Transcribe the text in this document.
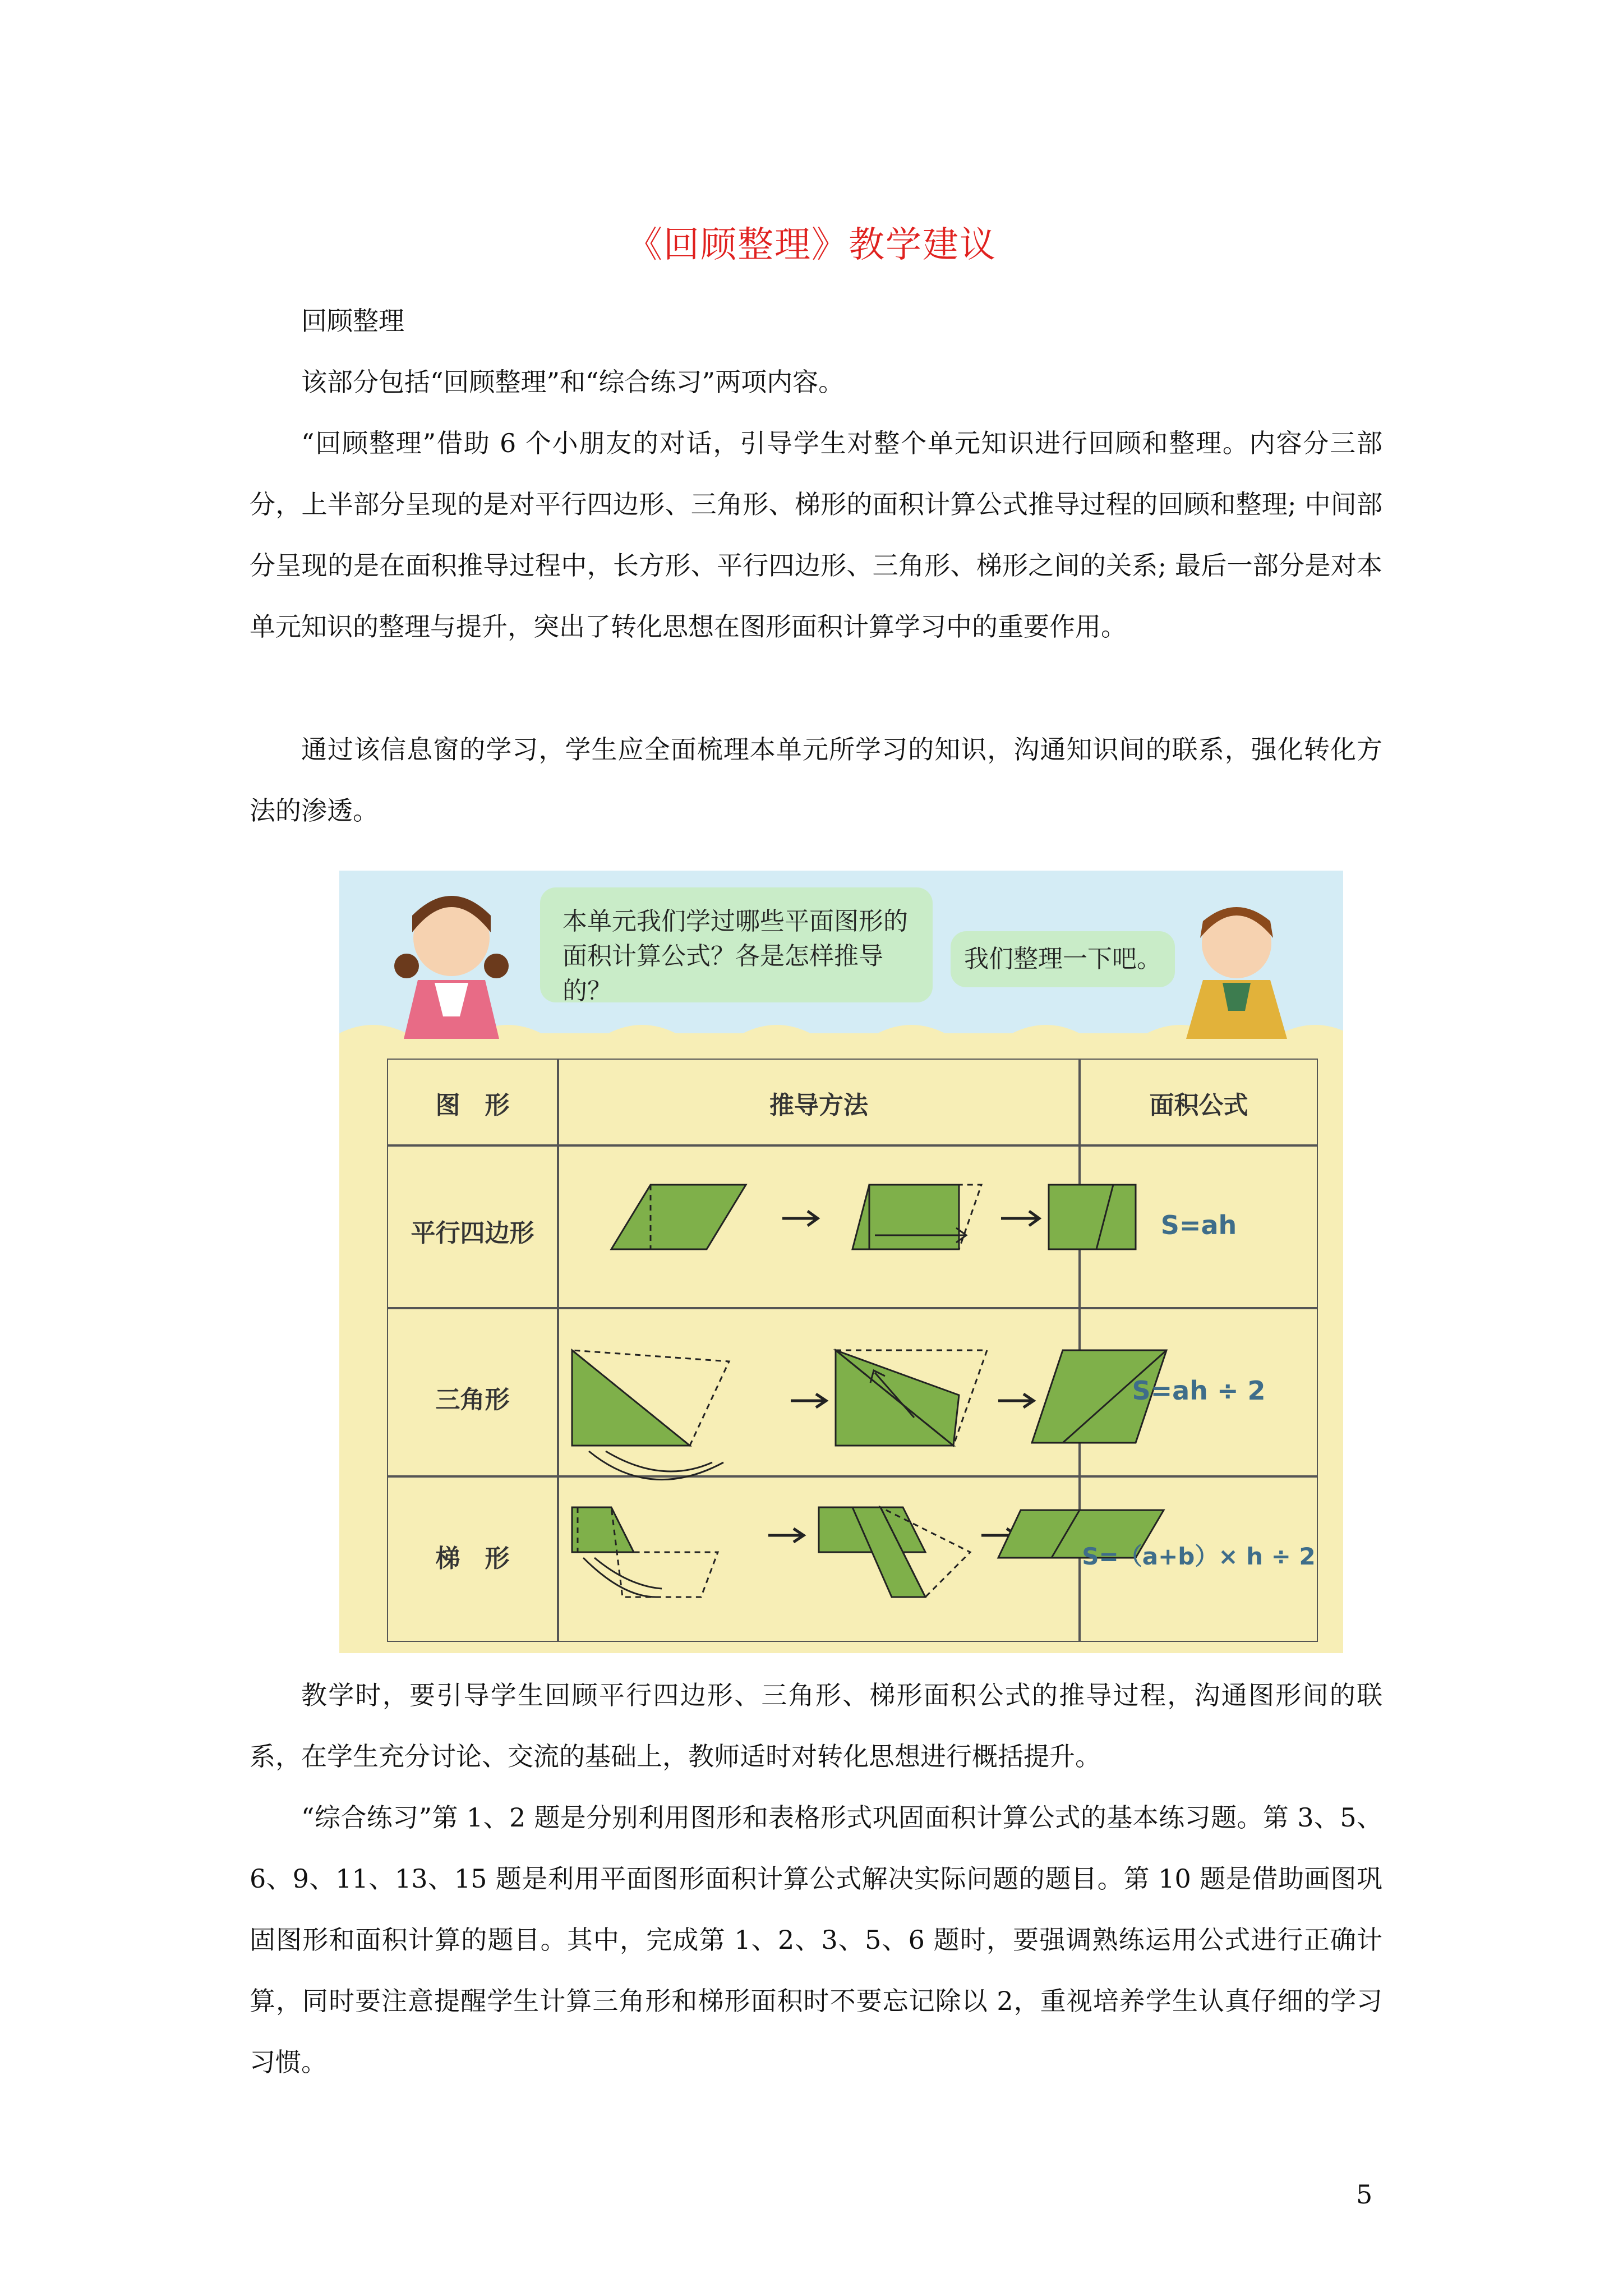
《回顾整理》教学建议

回顾整理

该部分包括“回顾整理”和“综合练习”两项内容。

“回顾整理”借助 6 个小朋友的对话，引导学生对整个单元知识进行回顾和整理。内容分三部分，上半部分呈现的是对平行四边形、三角形、梯形的面积计算公式推导过程的回顾和整理; 中间部分呈现的是在面积推导过程中，长方形、平行四边形、三角形、梯形之间的关系; 最后一部分是对本单元知识的整理与提升，突出了转化思想在图形面积计算学习中的重要作用。

通过该信息窗的学习，学生应全面梳理本单元所学习的知识，沟通知识间的联系，强化转化方法的渗透。

本单元我们学过哪些平面图形的面积计算公式？各是怎样推导的？
我们整理一下吧。
图　形	推导方法	面积公式
平行四边形
三角形
梯　形
S=ah
S=ah ÷ 2
S=（a+b）× h ÷ 2

教学时，要引导学生回顾平行四边形、三角形、梯形面积公式的推导过程，沟通图形间的联系，在学生充分讨论、交流的基础上，教师适时对转化思想进行概括提升。

“综合练习”第 1、2 题是分别利用图形和表格形式巩固面积计算公式的基本练习题。第 3、5、6、9、11、13、15 题是利用平面图形面积计算公式解决实际问题的题目。第 10 题是借助画图巩固图形和面积计算的题目。其中，完成第 1、2、3、5、6 题时，要强调熟练运用公式进行正确计算，同时要注意提醒学生计算三角形和梯形面积时不要忘记除以 2，重视培养学生认真仔细的学习习惯。

5
